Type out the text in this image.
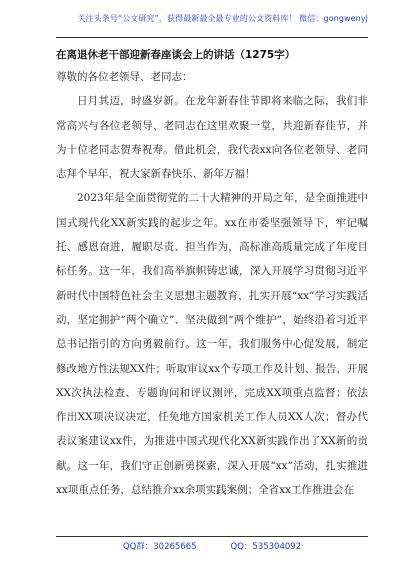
关注头条号“公文研究”，获得最新最全最专业的公文资料库！ 微信：gongwenyj
在离退休老干部迎新春座谈会上的讲话（1275字）

尊敬的各位老领导、老同志：

日月其迈，时盛岁新。在龙年新春佳节即将来临之际，我们非常高兴与各位老领导、老同志在这里欢聚一堂，共迎新春佳节，并为十位老同志贺寿祝寿。借此机会，我代表xx向各位老领导、老同志拜个早年，祝大家新春快乐、新年万福！

2023年是全面贯彻党的二十大精神的开局之年，是全面推进中国式现代化XX新实践的起步之年。xx在市委坚强领导下，牢记嘱托、感恩奋进，履职尽责、担当作为，高标准高质量完成了年度目标任务。这一年，我们高举旗帜铸忠诚，深入开展学习贯彻习近平新时代中国特色社会主义思想主题教育，扎实开展“xx”学习实践活动，坚定拥护“两个确立”、坚决做到“两个维护”，始终沿着习近平总书记指引的方向勇毅前行。这一年，我们服务中心促发展，制定修改地方性法规XX件；听取审议xx个专项工作及计划、报告，开展XX次执法检查、专题询问和评议测评，完成XX项重点监督；依法作出XX项决议决定，任免地方国家机关工作人员XX人次；督办代表议案建议xx件，为推进中国式现代化XX新实践作出了XX新的贡献。这一年，我们守正创新勇探索，深入开展“xx”活动，扎实推进xx项重点任务，总结推介xx余项实践案例；全省xx工作推进会在

QQ群：30265665	QQ：535304092
